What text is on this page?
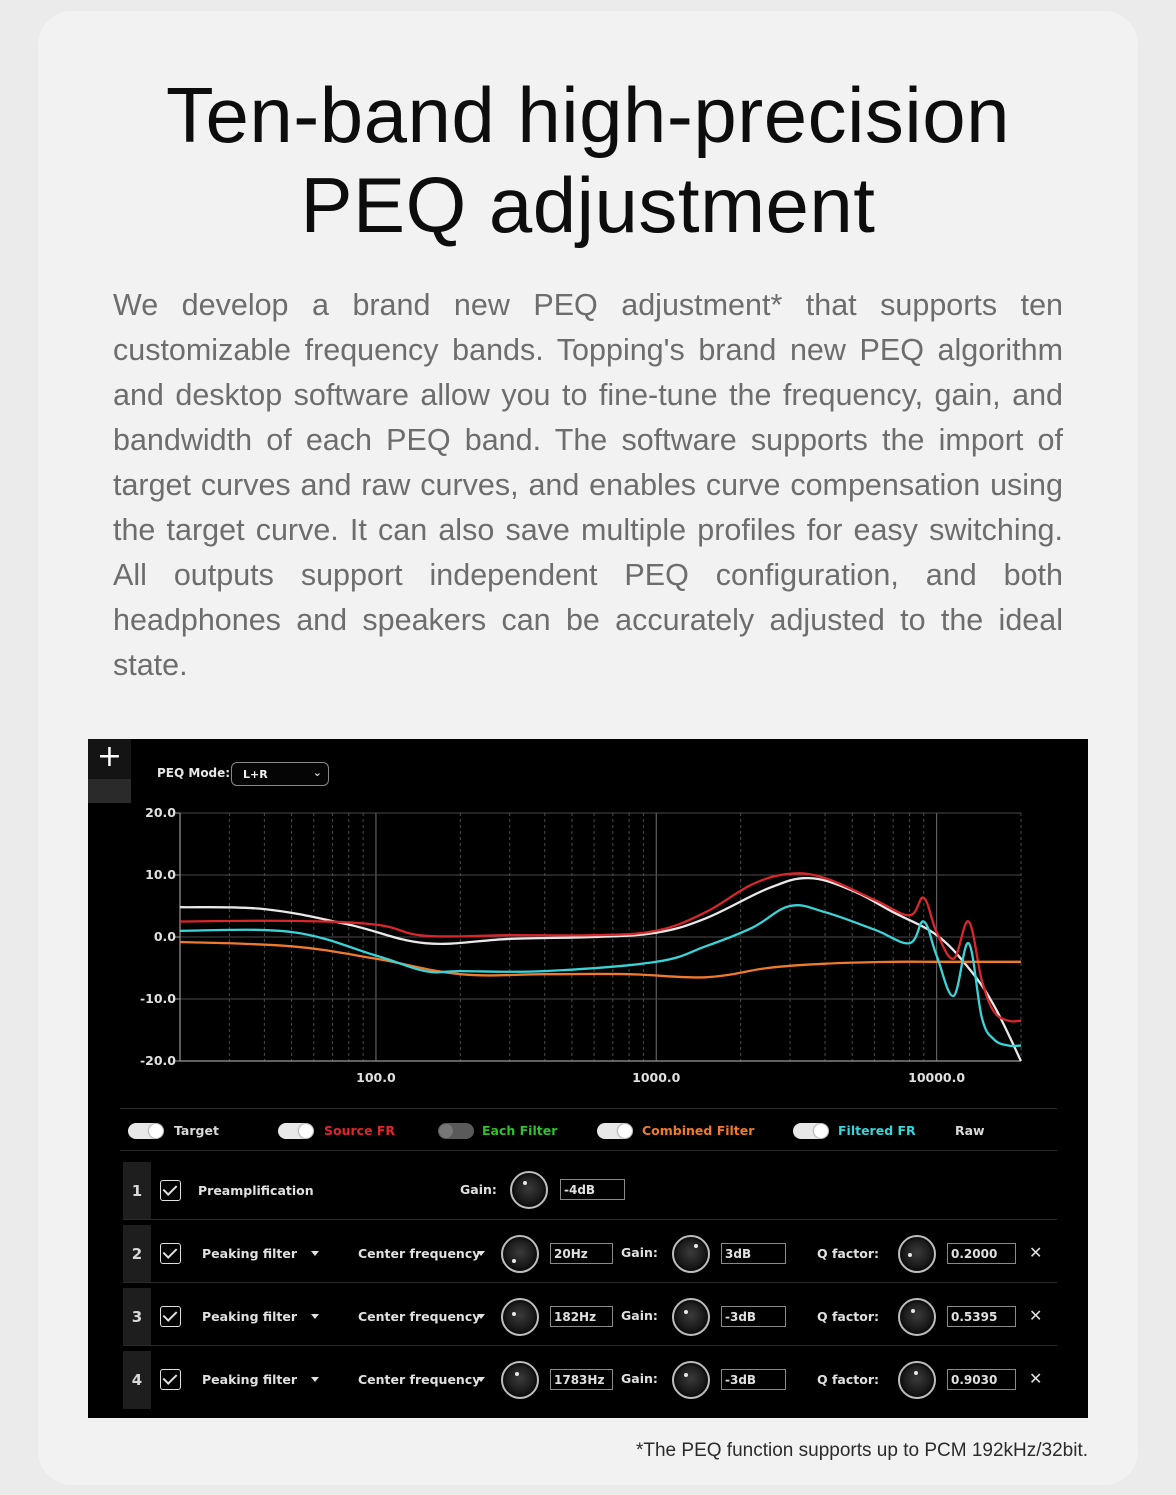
Ten-band high-precision
PEQ adjustment
We develop a brand new PEQ adjustment* that supports ten customizable frequency bands. Topping's brand new PEQ algorithm and desktop software allow you to fine-tune the frequency, gain, and bandwidth of each PEQ band. The software supports the import of target curves and raw curves, and enables curve compensation using the target curve. It can also save multiple profiles for easy switching. All outputs support independent PEQ configuration, and both headphones and speakers can be accurately adjusted to the ideal state.
+	PEQ Mode:	L+R	⌄
20.0
10.0
0.0
-10.0
-20.0
100.0	1000.0	10000.0
Target	Source FR	Each Filter	Combined Filter	Filtered FR	Raw
1	Preamplification	Gain:	-4dB
2	Peaking filter	Center frequency	20Hz	Gain:	3dB	Q factor:	0.2000	✕
3	Peaking filter	Center frequency	182Hz	Gain:	-3dB	Q factor:	0.5395	✕
4	Peaking filter	Center frequency	1783Hz	Gain:	-3dB	Q factor:	0.9030	✕
*The PEQ function supports up to PCM 192kHz/32bit.
